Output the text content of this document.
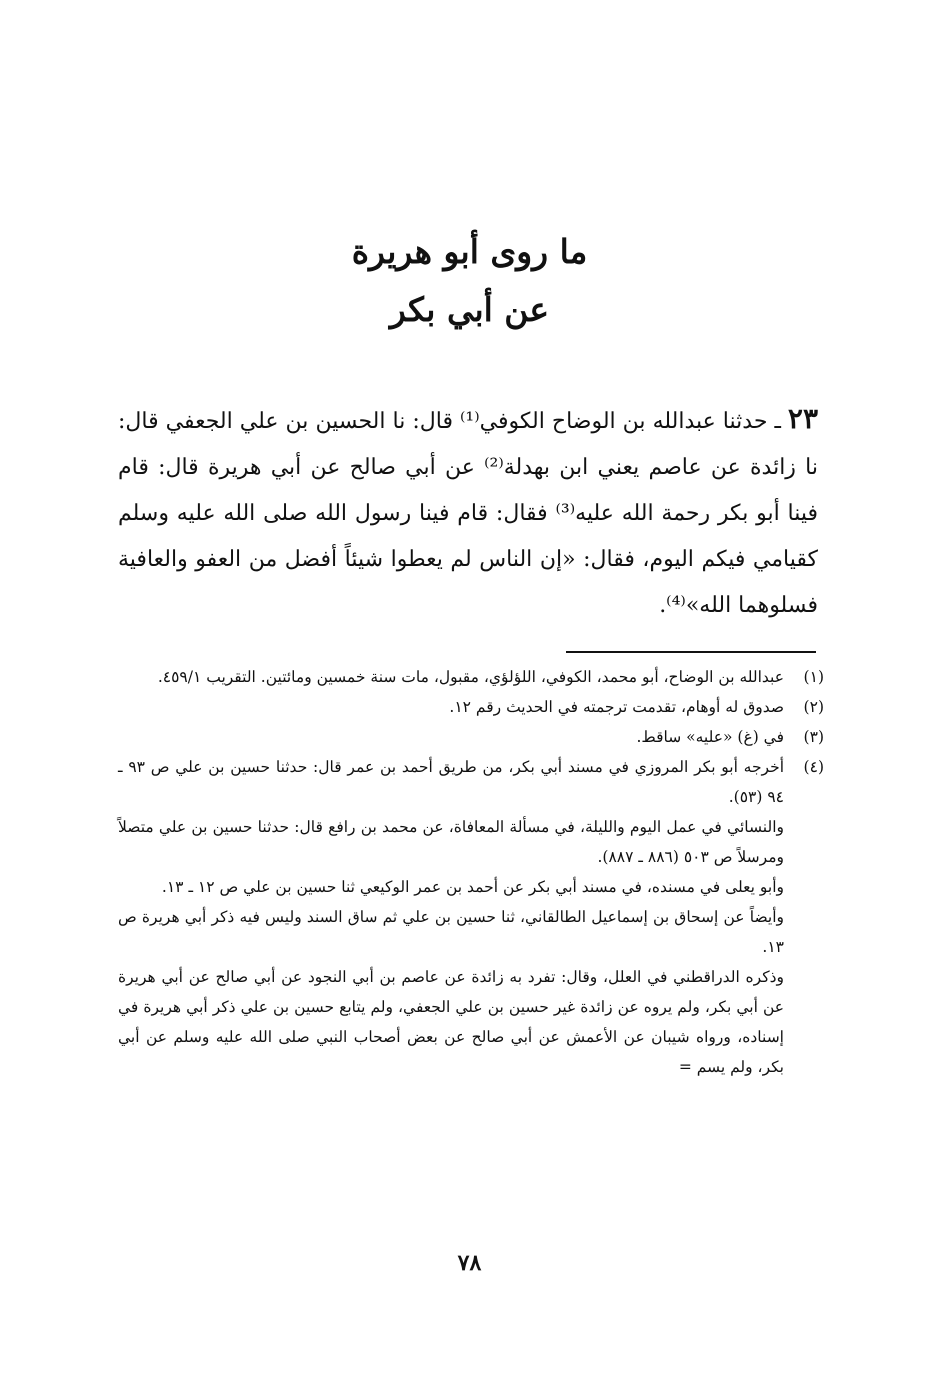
ما روى أبو هريرة
عن أبي بكر
٢٣ ـ حدثنا عبدالله بن الوضاح الكوفي⁽¹⁾ قال: نا الحسين بن علي الجعفي قال: نا زائدة عن عاصم يعني ابن بهدلة⁽²⁾ عن أبي صالح عن أبي هريرة قال: قام فينا أبو بكر رحمة الله عليه⁽³⁾ فقال: قام فينا رسول الله صلى الله عليه وسلم كقيامي فيكم اليوم، فقال: «إن الناس لم يعطوا شيئاً أفضل من العفو والعافية فسلوهما الله»⁽⁴⁾.
(١)

عبدالله بن الوضاح، أبو محمد، الكوفي، اللؤلؤي، مقبول، مات سنة خمسين ومائتين. التقريب ٤٥٩/١.

(٢)

صدوق له أوهام، تقدمت ترجمته في الحديث رقم ١٢.

(٣)

في (غ) «عليه» ساقط.

(٤)

أخرجه أبو بكر المروزي في مسند أبي بكر، من طريق أحمد بن عمر قال: حدثنا حسين بن علي ص ٩٣ ـ ٩٤ (٥٣).

والنسائي في عمل اليوم والليلة، في مسألة المعافاة، عن محمد بن رافع قال: حدثنا حسين بن علي متصلاً ومرسلاً ص ٥٠٣ (٨٨٦ ـ ٨٨٧).

وأبو يعلى في مسنده، في مسند أبي بكر عن أحمد بن عمر الوكيعي ثنا حسين بن علي ص ١٢ ـ ١٣.

وأيضاً عن إسحاق بن إسماعيل الطالقاني، ثنا حسين بن علي ثم ساق السند وليس فيه ذكر أبي هريرة ص ١٣.

وذكره الدراقطني في العلل، وقال: تفرد به زائدة عن عاصم بن أبي النجود عن أبي صالح عن أبي هريرة عن أبي بكر، ولم يروه عن زائدة غير حسين بن علي الجعفي، ولم يتابع حسين بن علي ذكر أبي هريرة في إسناده، ورواه شيبان عن الأعمش عن أبي صالح عن بعض أصحاب النبي صلى الله عليه وسلم عن أبي بكر، ولم يسم =

٧٨
